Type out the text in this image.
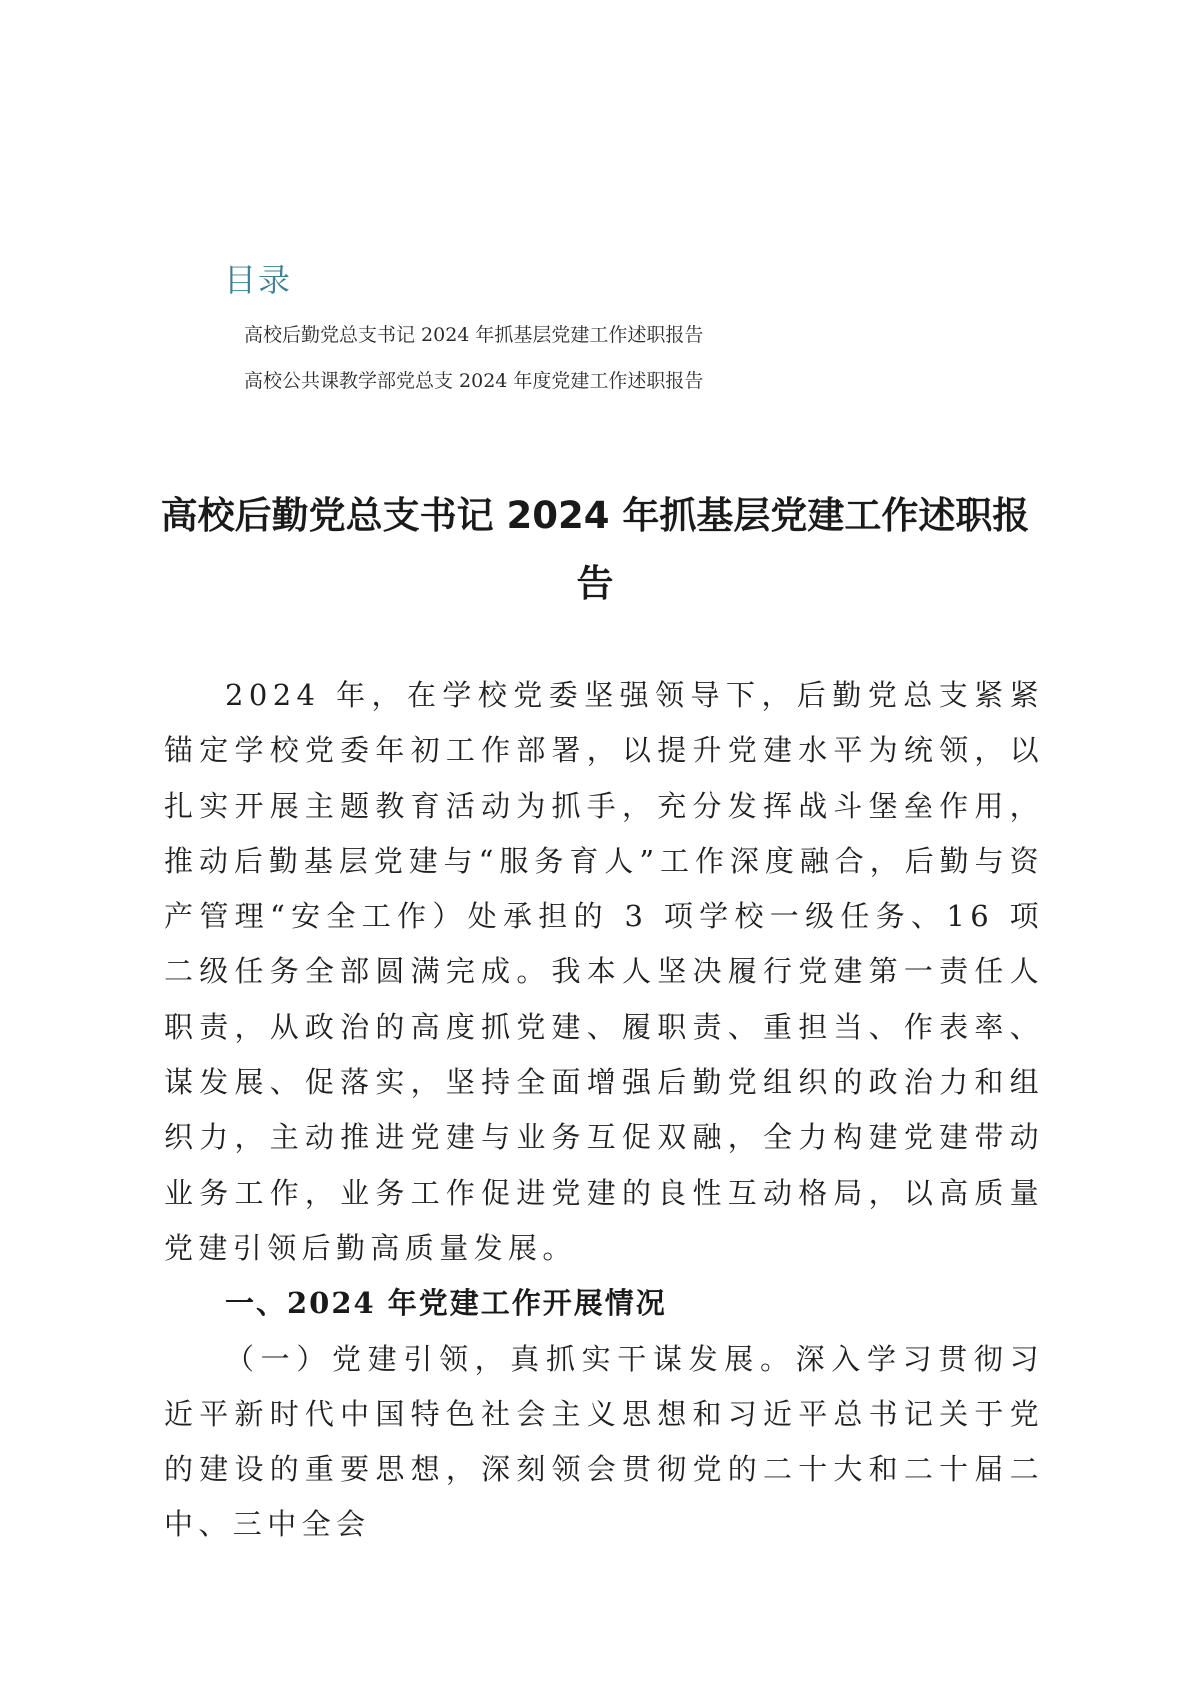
目录
高校后勤党总支书记 2024 年抓基层党建工作述职报告
高校公共课教学部党总支 2024 年度党建工作述职报告
高校后勤党总支书记 2024 年抓基层党建工作述职报告

2024 年，在学校党委坚强领导下，后勤党总支紧紧锚定学校党委年初工作部署，以提升党建水平为统领，以扎实开展主题教育活动为抓手，充分发挥战斗堡垒作用，推动后勤基层党建与“服务育人”工作深度融合，后勤与资产管理“安全工作）处承担的 3 项学校一级任务、16 项二级任务全部圆满完成。我本人坚决履行党建第一责任人职责，从政治的高度抓党建、履职责、重担当、作表率、谋发展、促落实，坚持全面增强后勤党组织的政治力和组织力，主动推进党建与业务互促双融，全力构建党建带动业务工作，业务工作促进党建的良性互动格局，以高质量党建引领后勤高质量发展。

一、2024 年党建工作开展情况

（一）党建引领，真抓实干谋发展。深入学习贯彻习近平新时代中国特色社会主义思想和习近平总书记关于党的建设的重要思想，深刻领会贯彻党的二十大和二十届二中、三中全会
